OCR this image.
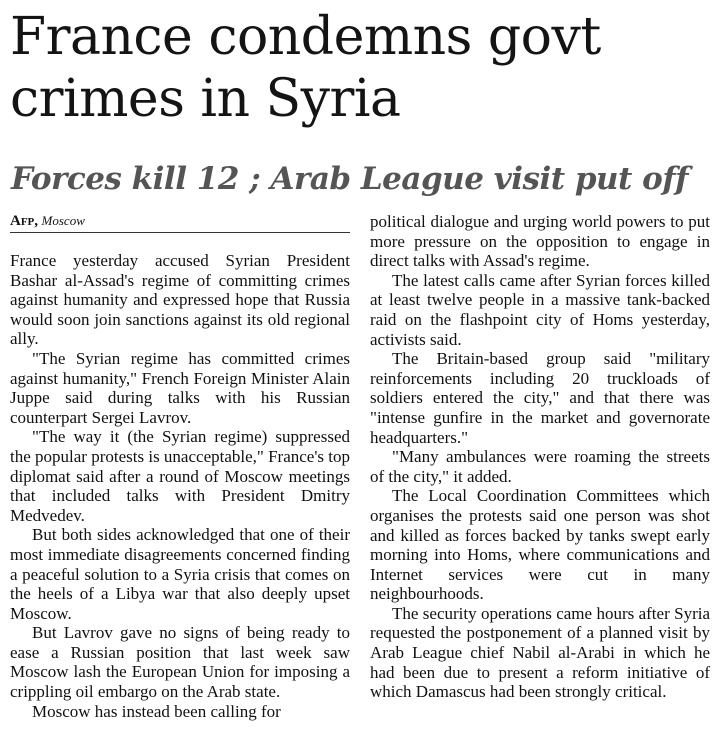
France condemns govt crimes in Syria
Forces kill 12 ; Arab League visit put off
Afp, Moscow

France yesterday accused Syrian President Bashar al-Assad's regime of committing crimes against humanity and expressed hope that Russia would soon join sanctions against its old regional ally.

"The Syrian regime has committed crimes against humanity," French Foreign Minister Alain Juppe said during talks with his Russian counterpart Sergei Lavrov.

"The way it (the Syrian regime) suppressed the popular protests is unacceptable," France's top diplomat said after a round of Moscow meetings that included talks with President Dmitry Medvedev.

But both sides acknowledged that one of their most immediate disagreements concerned finding a peaceful solution to a Syria crisis that comes on the heels of a Libya war that also deeply upset Moscow.

But Lavrov gave no signs of being ready to ease a Russian position that last week saw Moscow lash the European Union for imposing a crippling oil embargo on the Arab state.

Moscow has instead been calling for

political dialogue and urging world powers to put more pressure on the opposition to engage in direct talks with Assad's regime.

The latest calls came after Syrian forces killed at least twelve people in a massive tank-backed raid on the flashpoint city of Homs yesterday, activists said.

The Britain-based group said "military reinforcements including 20 truckloads of soldiers entered the city," and that there was "intense gunfire in the market and governorate headquarters."

"Many ambulances were roaming the streets of the city," it added.

The Local Coordination Committees which organises the protests said one person was shot and killed as forces backed by tanks swept early morning into Homs, where communications and Internet services were cut in many neighbourhoods.

The security operations came hours after Syria requested the postponement of a planned visit by Arab League chief Nabil al-Arabi in which he had been due to present a reform initiative of which Damascus had been strongly critical.
